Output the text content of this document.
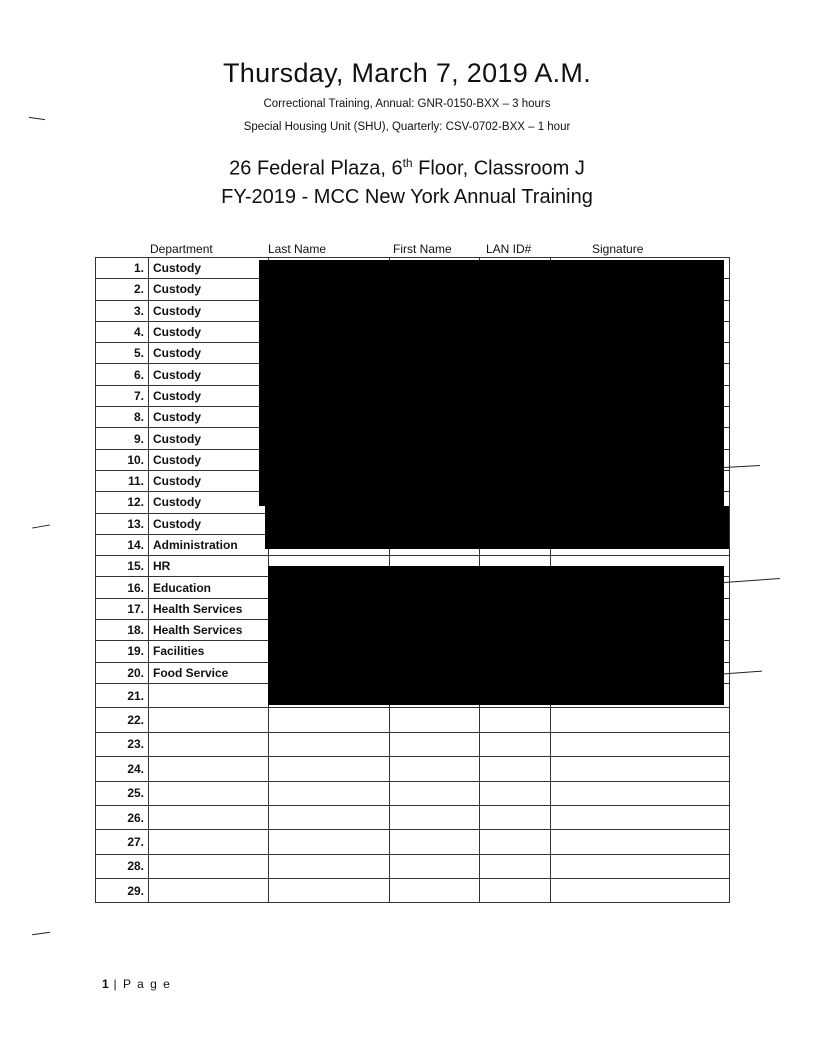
Thursday, March 7, 2019 A.M.
Correctional Training, Annual: GNR-0150-BXX – 3 hours
Special Housing Unit (SHU), Quarterly: CSV-0702-BXX – 1 hour
26 Federal Plaza, 6th Floor, Classroom J
FY-2019 - MCC New York Annual Training
Department	Last Name	First Name	LAN ID#	Signature
1.	Custody				
2.	Custody				
3.	Custody				
4.	Custody				
5.	Custody				
6.	Custody				
7.	Custody				
8.	Custody				
9.	Custody				
10.	Custody				
11.	Custody				
12.	Custody				
13.	Custody				
14.	Administration				
15.	HR				
16.	Education				
17.	Health Services				
18.	Health Services				
19.	Facilities				
20.	Food Service				
21.					
22.					
23.					
24.					
25.					
26.					
27.					
28.					
29.					
1 | P a g e
